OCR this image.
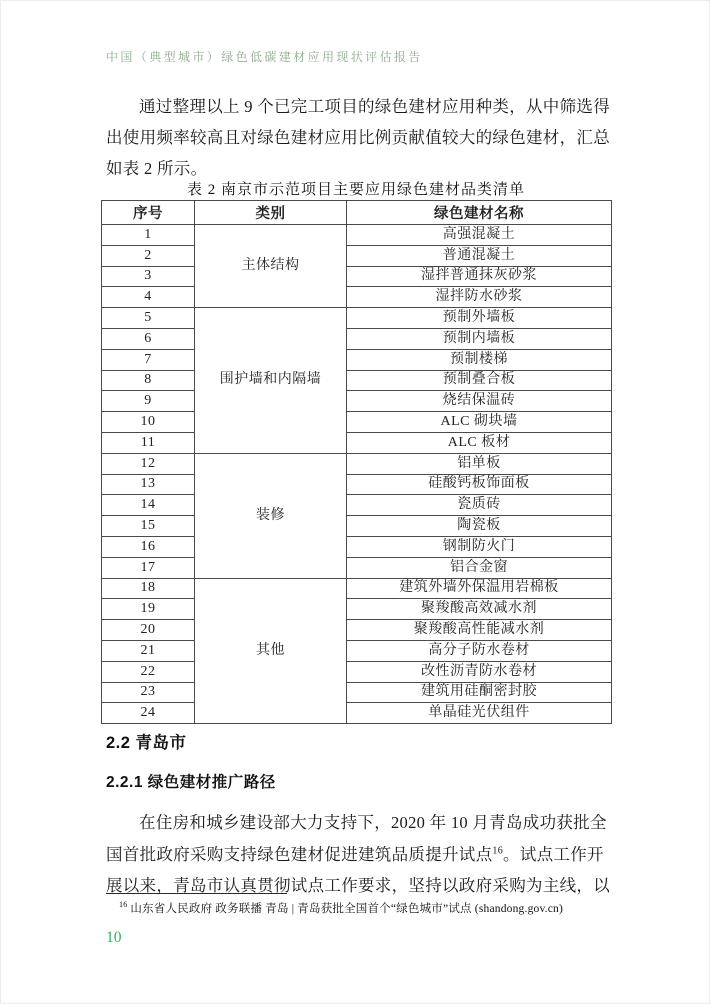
中国（典型城市）绿色低碳建材应用现状评估报告
通过整理以上 9 个已完工项目的绿色建材应用种类，从中筛选得
出使用频率较高且对绿色建材应用比例贡献值较大的绿色建材，汇总
如表 2 所示。
表 2 南京市示范项目主要应用绿色建材品类清单
序号	类别	绿色建材名称
1	主体结构	高强混凝土
2		普通混凝土
3		湿拌普通抹灰砂浆
4		湿拌防水砂浆
5	围护墙和内隔墙	预制外墙板
6		预制内墙板
7		预制楼梯
8		预制叠合板
9		烧结保温砖
10		ALC 砌块墙
11		ALC 板材
12	装修	铝单板
13		硅酸钙板饰面板
14		瓷质砖
15		陶瓷板
16		钢制防火门
17		铝合金窗
18	其他	建筑外墙外保温用岩棉板
19		聚羧酸高效减水剂
20		聚羧酸高性能减水剂
21		高分子防水卷材
22		改性沥青防水卷材
23		建筑用硅酮密封胶
24		单晶硅光伏组件
2.2 青岛市
2.2.1 绿色建材推广路径
在住房和城乡建设部大力支持下，2020 年 10 月青岛成功获批全
国首批政府采购支持绿色建材促进建筑品质提升试点$^{16}$。试点工作开
展以来，青岛市认真贯彻试点工作要求，坚持以政府采购为主线，以
$^{16}$ 山东省人民政府 政务联播 青岛 | 青岛获批全国首个“绿色城市”试点 (shandong.gov.cn)
10
